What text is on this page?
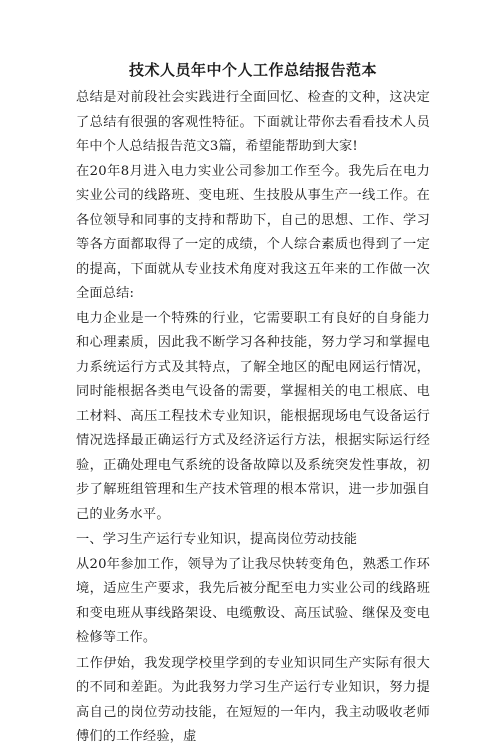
技术人员年中个人工作总结报告范本

总结是对前段社会实践进行全面回忆、检查的文种，这决定了总结有很强的客观性特征。下面就让带你去看看技术人员年中个人总结报告范文3篇，希望能帮助到大家!

在20年8月进入电力实业公司参加工作至今。我先后在电力实业公司的线路班、变电班、生技股从事生产一线工作。在各位领导和同事的支持和帮助下，自己的思想、工作、学习等各方面都取得了一定的成绩，个人综合素质也得到了一定的提高，下面就从专业技术角度对我这五年来的工作做一次全面总结:

电力企业是一个特殊的行业，它需要职工有良好的自身能力和心理素质，因此我不断学习各种技能，努力学习和掌握电力系统运行方式及其特点，了解全地区的配电网运行情况，同时能根据各类电气设备的需要，掌握相关的电工根底、电工材料、高压工程技术专业知识，能根据现场电气设备运行情况选择最正确运行方式及经济运行方法，根据实际运行经验，正确处理电气系统的设备故障以及系统突发性事故，初步了解班组管理和生产技术管理的根本常识，进一步加强自己的业务水平。

一、学习生产运行专业知识，提高岗位劳动技能

从20年参加工作，领导为了让我尽快转变角色，熟悉工作环境，适应生产要求，我先后被分配至电力实业公司的线路班和变电班从事线路架设、电缆敷设、高压试验、继保及变电检修等工作。

工作伊始，我发现学校里学到的专业知识同生产实际有很大的不同和差距。为此我努力学习生产运行专业知识，努力提高自己的岗位劳动技能，在短短的一年内，我主动吸收老师傅们的工作经验，虚
